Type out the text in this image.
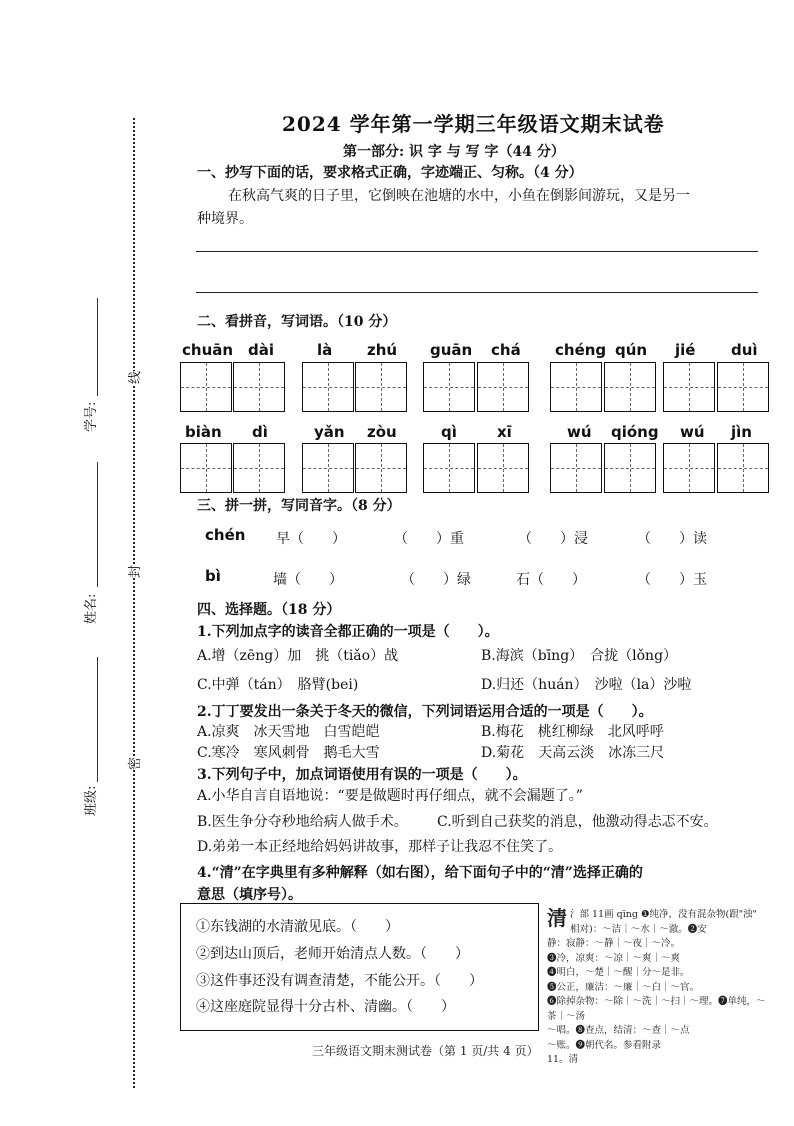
线
封
密
学号:
姓名:
班级:
2024 学年第一学期三年级语文期末试卷
第一部分: 识 字 与 写 字（44 分）
一、抄写下面的话，要求格式正确，字迹端正、匀称。（4 分）
在秋高气爽的日子里，它倒映在池塘的水中，小鱼在倒影间游玩，又是另一
种境界。
二、看拼音，写词语。（10 分）
chuān dài	là zhú guān chá chéng qún jié duì
biàn dì	yǎn zòu	qì	xī	wú qióng wú jìn
三、拼一拼，写同音字。（8 分）
chén 早（　　）	（　　）重	（　　）浸	（　　）读
bì	墙（　　）	（　　）绿	石（　　）	（　　）玉
四、选择题。（18 分）
1.下列加点字的读音全都正确的一项是（　　）。
A.增（zēng）加　挑（tiǎo）战	B.海滨（bīng）　合拢（lǒng）
C.中弹（tán）　胳臂(bei)	D.归还（huán）　沙啦（la）沙啦
2.丁丁要发出一条关于冬天的微信，下列词语运用合适的一项是（　　）。
A.凉爽　冰天雪地　白雪皑皑	B.梅花　桃红柳绿　北风呼呼
C.寒冷　寒风刺骨　鹅毛大雪	D.菊花　天高云淡　冰冻三尺
3.下列句子中，加点词语使用有误的一项是（　　）。
A.小华自言自语地说：“要是做题时再仔细点，就不会漏题了。”
B.医生争分夺秒地给病人做手术。 C.听到自己获奖的消息，他激动得忐忑不安。
D.弟弟一本正经地给妈妈讲故事，那样子让我忍不住笑了。
4.“清”在字典里有多种解释（如右图），给下面句子中的“清”选择正确的
意思（填序号）。
①东钱湖的水清澈见底。（　　）
②到达山顶后，老师开始清点人数。（　　）
③这件事还没有调查清楚，不能公开。（　　）
④这座庭院显得十分古朴、清幽。（　　）
清 氵部 11画 qīng ❶纯净，没有混杂物(跟"浊"
相对)：～洁｜～水｜～澈。❷安
静：寂静：～静｜～夜｜～冷。
❸冷，凉爽：～凉｜～爽｜～爽
❹明白，～楚｜～醒｜分～是非。
❺公正，廉洁：～廉｜～白｜～官。
❻除掉杂物：～除｜～洗｜～扫｜～理。❼单纯，～茶｜～汤
～唱。❽查点，结清：～查｜～点
～账。❾朝代名。参看附录
11。清
三年级语文期末测试卷（第 1 页/共 4 页）
